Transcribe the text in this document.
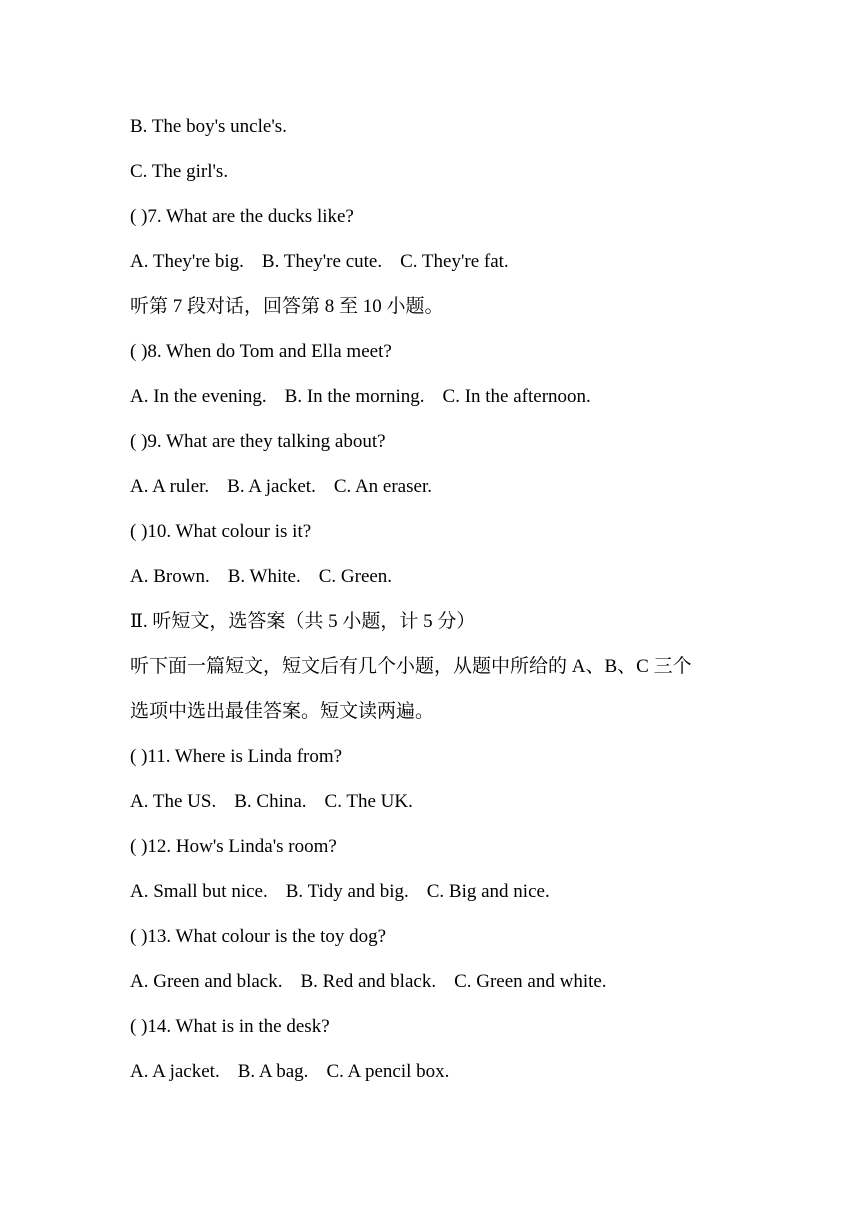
B. The boy's uncle's.
C. The girl's.
( )7. What are the ducks like?
A. They're big. B. They're cute. C. They're fat.
听第 7 段对话，回答第 8 至 10 小题。
( )8. When do Tom and Ella meet?
A. In the evening. B. In the morning. C. In the afternoon.
( )9. What are they talking about?
A. A ruler. B. A jacket. C. An eraser.
( )10. What colour is it?
A. Brown. B. White. C. Green.
Ⅱ. 听短文，选答案（共 5 小题，计 5 分）
听下面一篇短文，短文后有几个小题，从题中所给的 A、B、C 三个
选项中选出最佳答案。短文读两遍。
( )11. Where is Linda from?
A. The US. B. China. C. The UK.
( )12. How's Linda's room?
A. Small but nice. B. Tidy and big. C. Big and nice.
( )13. What colour is the toy dog?
A. Green and black. B. Red and black. C. Green and white.
( )14. What is in the desk?
A. A jacket. B. A bag. C. A pencil box.
